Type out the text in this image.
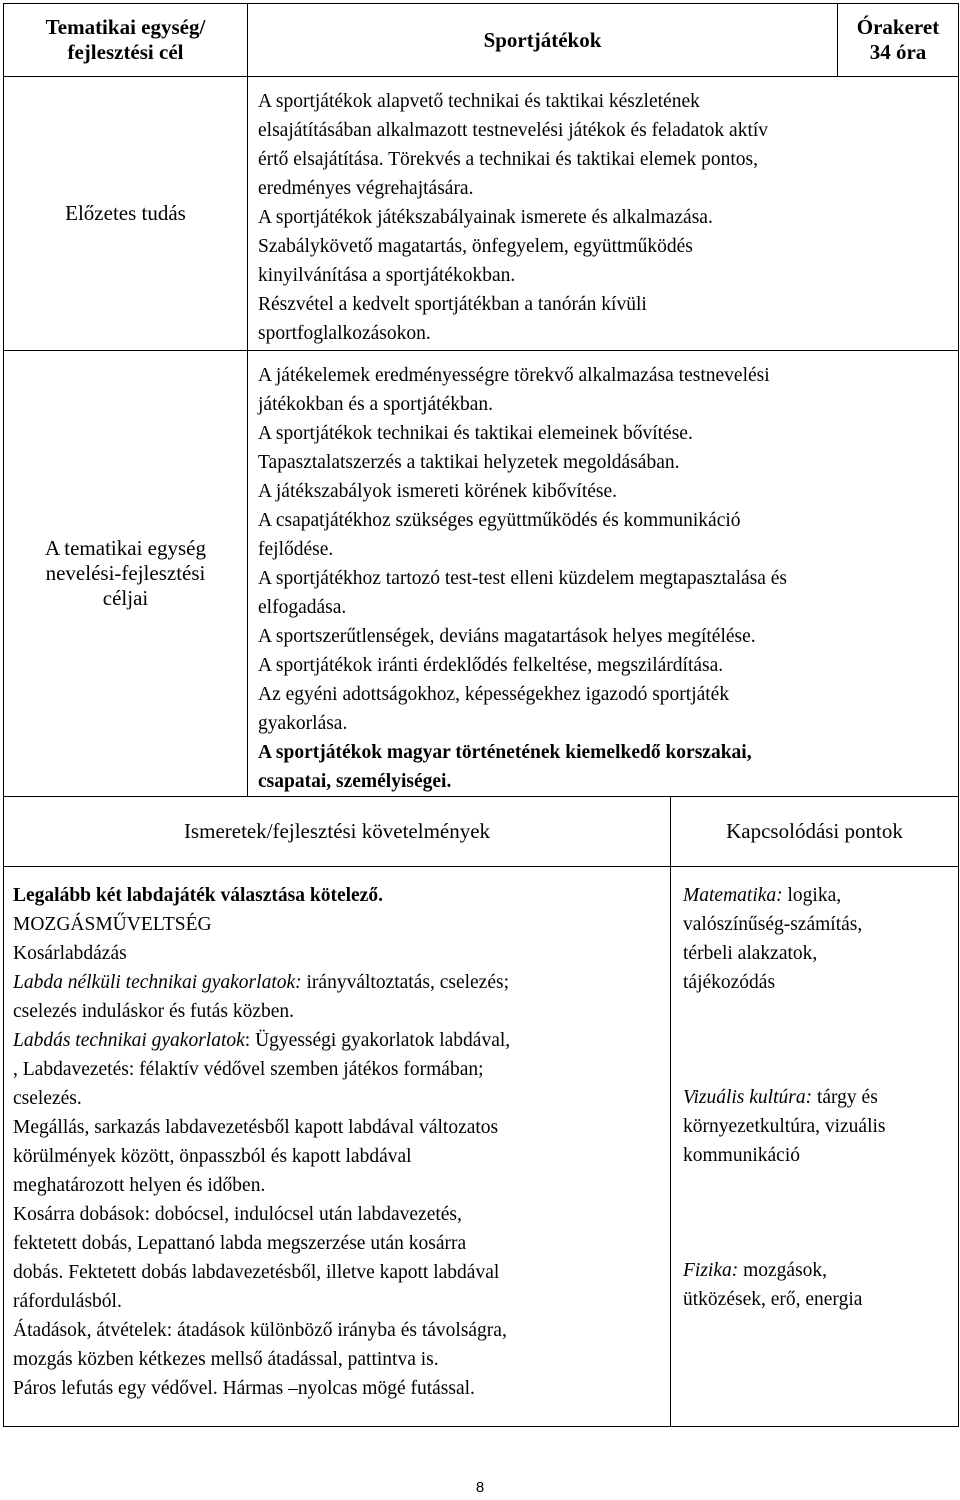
Tematikai egység/
fejlesztési cél
Sportjátékok
Órakeret
34 óra
Előzetes tudás

A sportjátékok alapvető technikai és taktikai készletének

elsajátításában alkalmazott testnevelési játékok és feladatok aktív

értő elsajátítása. Törekvés a technikai és taktikai elemek pontos,

eredményes végrehajtására.

A sportjátékok játékszabályainak ismerete és alkalmazása.

Szabálykövető magatartás, önfegyelem, együttműködés

kinyilvánítása a sportjátékokban.

Részvétel a kedvelt sportjátékban a tanórán kívüli

sportfoglalkozásokon.

A tematikai egység
nevelési-fejlesztési
céljai

A játékelemek eredményességre törekvő alkalmazása testnevelési

játékokban és a sportjátékban.

A sportjátékok technikai és taktikai elemeinek bővítése.

Tapasztalatszerzés a taktikai helyzetek megoldásában.

A játékszabályok ismereti körének kibővítése.

A csapatjátékhoz szükséges együttműködés és kommunikáció

fejlődése.

A sportjátékhoz tartozó test-test elleni küzdelem megtapasztalása és

elfogadása.

A sportszerűtlenségek, deviáns magatartások helyes megítélése.

A sportjátékok iránti érdeklődés felkeltése, megszilárdítása.

Az egyéni adottságokhoz, képességekhez igazodó sportjáték

gyakorlása.

A sportjátékok magyar történetének kiemelkedő korszakai,

csapatai, személyiségei.

Ismeretek/fejlesztési követelmények	Kapcsolódási pontok

Legalább két labdajáték választása kötelező.

MOZGÁSMŰVELTSÉG

Kosárlabdázás

Labda nélküli technikai gyakorlatok: irányváltoztatás, cselezés;

cselezés induláskor és futás közben.

Labdás technikai gyakorlatok: Ügyességi gyakorlatok labdával,

, Labdavezetés: félaktív védővel szemben játékos formában;

cselezés.

Megállás, sarkazás labdavezetésből kapott labdával változatos

körülmények között, önpasszból és kapott labdával

meghatározott helyen és időben.

Kosárra dobások: dobócsel, indulócsel után labdavezetés,

fektetett dobás, Lepattanó labda megszerzése után kosárra

dobás. Fektetett dobás labdavezetésből, illetve kapott labdával

ráfordulásból.

Átadások, átvételek: átadások különböző irányba és távolságra,

mozgás közben kétkezes mellső átadással, pattintva is.

Páros lefutás egy védővel. Hármas –nyolcas mögé futással.

Matematika: logika,

valószínűség-számítás,

térbeli alakzatok,

tájékozódás

Vizuális kultúra: tárgy és

környezetkultúra, vizuális

kommunikáció

Fizika: mozgások,

ütközések, erő, energia

8
